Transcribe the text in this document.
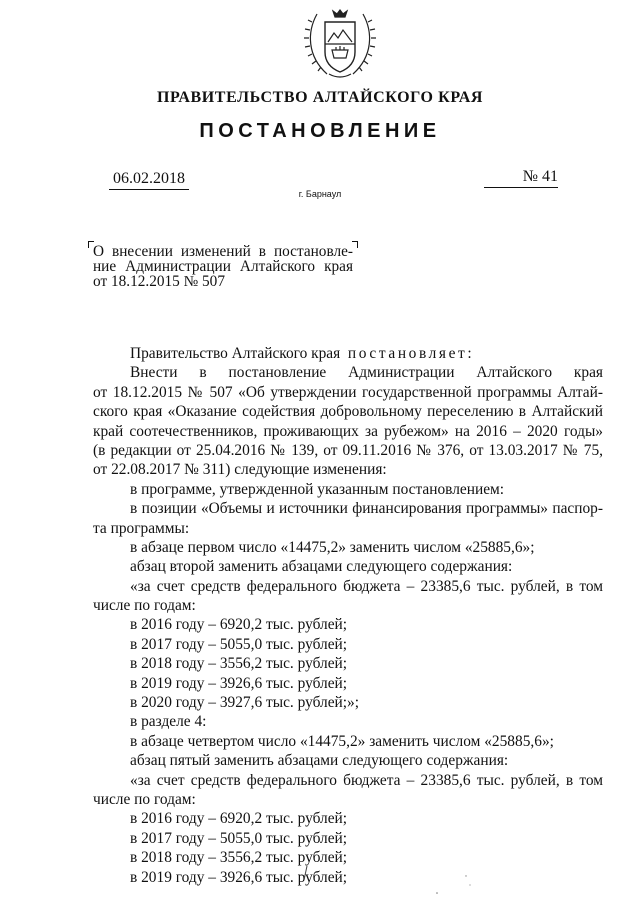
ПРАВИТЕЛЬСТВО АЛТАЙСКОГО КРАЯ
ПОСТАНОВЛЕНИЕ
06.02.2018	№ 41
г. Барнаул
О внесении изменений в постановле-
ние Администрации Алтайского края
от 18.12.2015 № 507
Правительство Алтайского края постановляет:
Внести в постановление Администрации Алтайского края
от 18.12.2015 № 507 «Об утверждении государственной программы Алтай-
ского края «Оказание содействия добровольному переселению в Алтайский
край соотечественников, проживающих за рубежом» на 2016 – 2020 годы»
(в редакции от 25.04.2016 № 139, от 09.11.2016 № 376, от 13.03.2017 № 75,
от 22.08.2017 № 311) следующие изменения:
в программе, утвержденной указанным постановлением:
в позиции «Объемы и источники финансирования программы» паспор-
та программы:
в абзаце первом число «14475,2» заменить числом «25885,6»;
абзац второй заменить абзацами следующего содержания:
«за счет средств федерального бюджета – 23385,6 тыс. рублей, в том
числе по годам:
в 2016 году – 6920,2 тыс. рублей;
в 2017 году – 5055,0 тыс. рублей;
в 2018 году – 3556,2 тыс. рублей;
в 2019 году – 3926,6 тыс. рублей;
в 2020 году – 3927,6 тыс. рублей;»;
в разделе 4:
в абзаце четвертом число «14475,2» заменить числом «25885,6»;
абзац пятый заменить абзацами следующего содержания:
«за счет средств федерального бюджета – 23385,6 тыс. рублей, в том
числе по годам:
в 2016 году – 6920,2 тыс. рублей;
в 2017 году – 5055,0 тыс. рублей;
в 2018 году – 3556,2 тыс. рублей;
в 2019 году – 3926,6 тыс. рублей;
